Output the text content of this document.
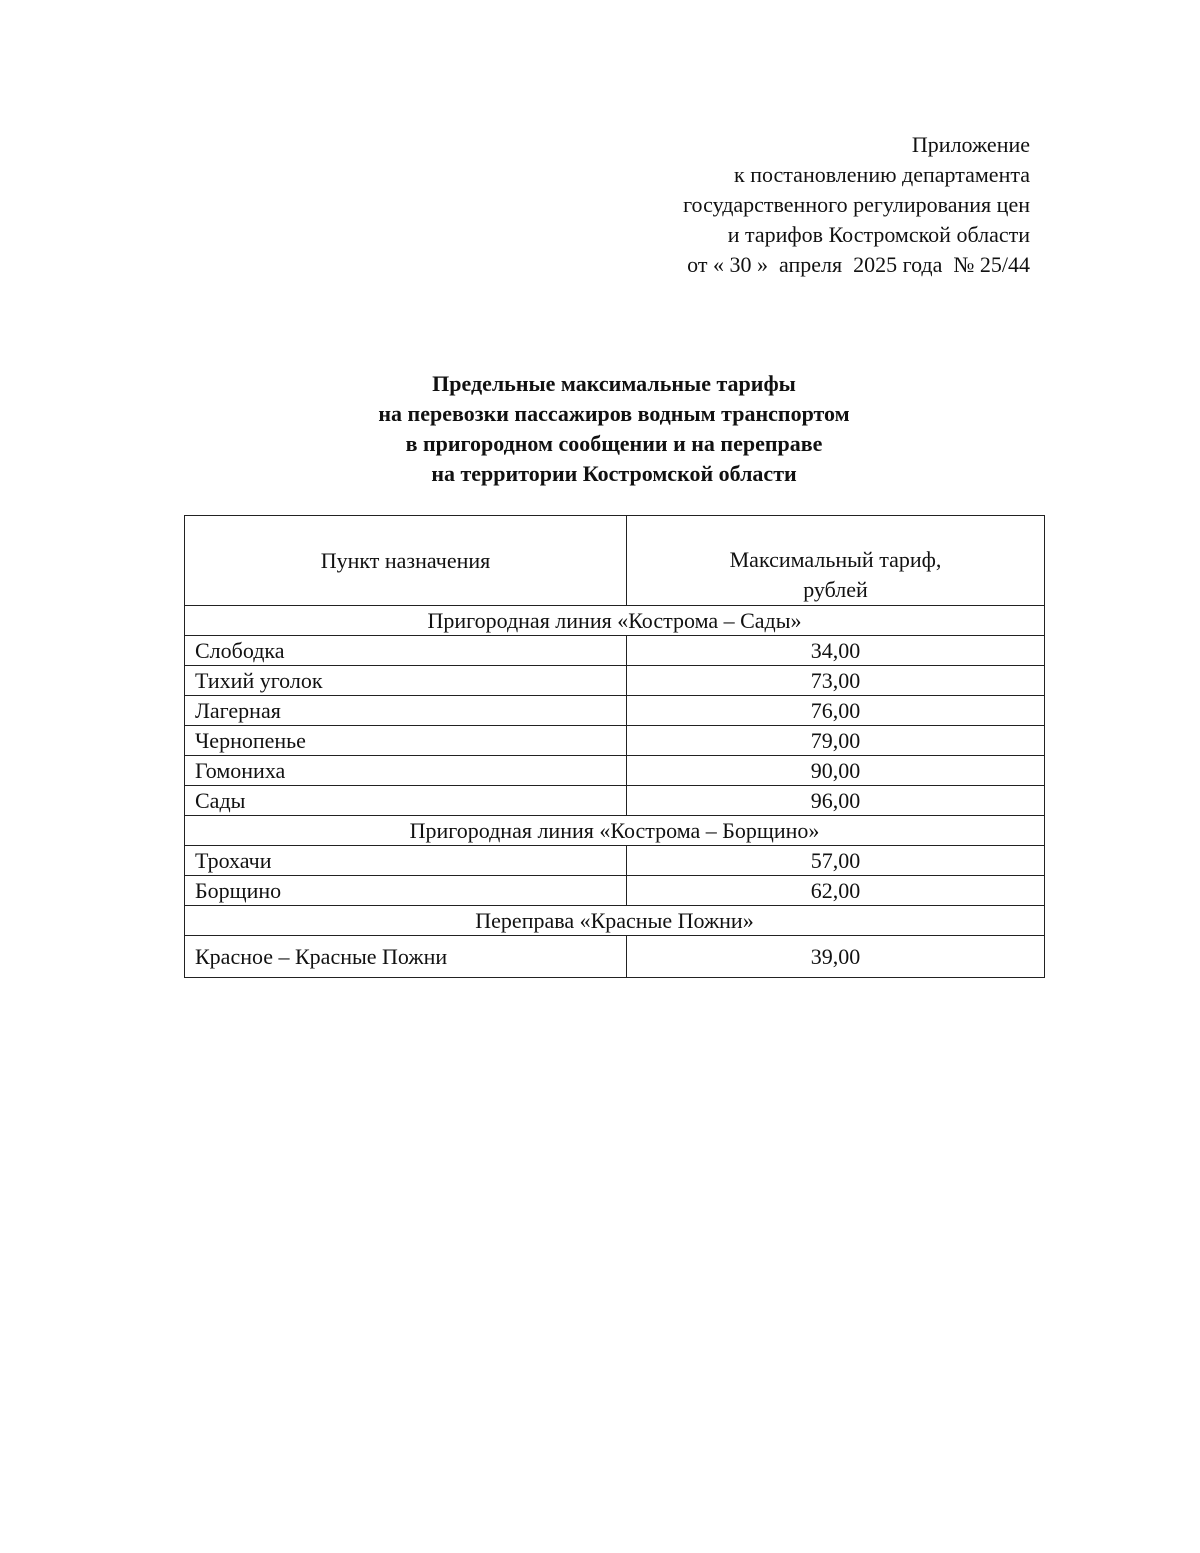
Приложение
к постановлению департамента
государственного регулирования цен
и тарифов Костромской области
от « 30 »  апреля  2025 года  № 25/44
Предельные максимальные тарифы
на перевозки пассажиров водным транспортом
в пригородном сообщении и на переправе
на территории Костромской области
Пункт назначения	Максимальный тариф,
рублей

Пригородная линия «Кострома – Сады»	
Слободка	34,00
Тихий уголок	73,00
Лагерная	76,00
Чернопенье	79,00
Гомониха	90,00
Сады	96,00
Пригородная линия «Кострома – Борщино»	
Трохачи	57,00
Борщино	62,00
Переправа «Красные Пожни»	
Красное – Красные Пожни	39,00
